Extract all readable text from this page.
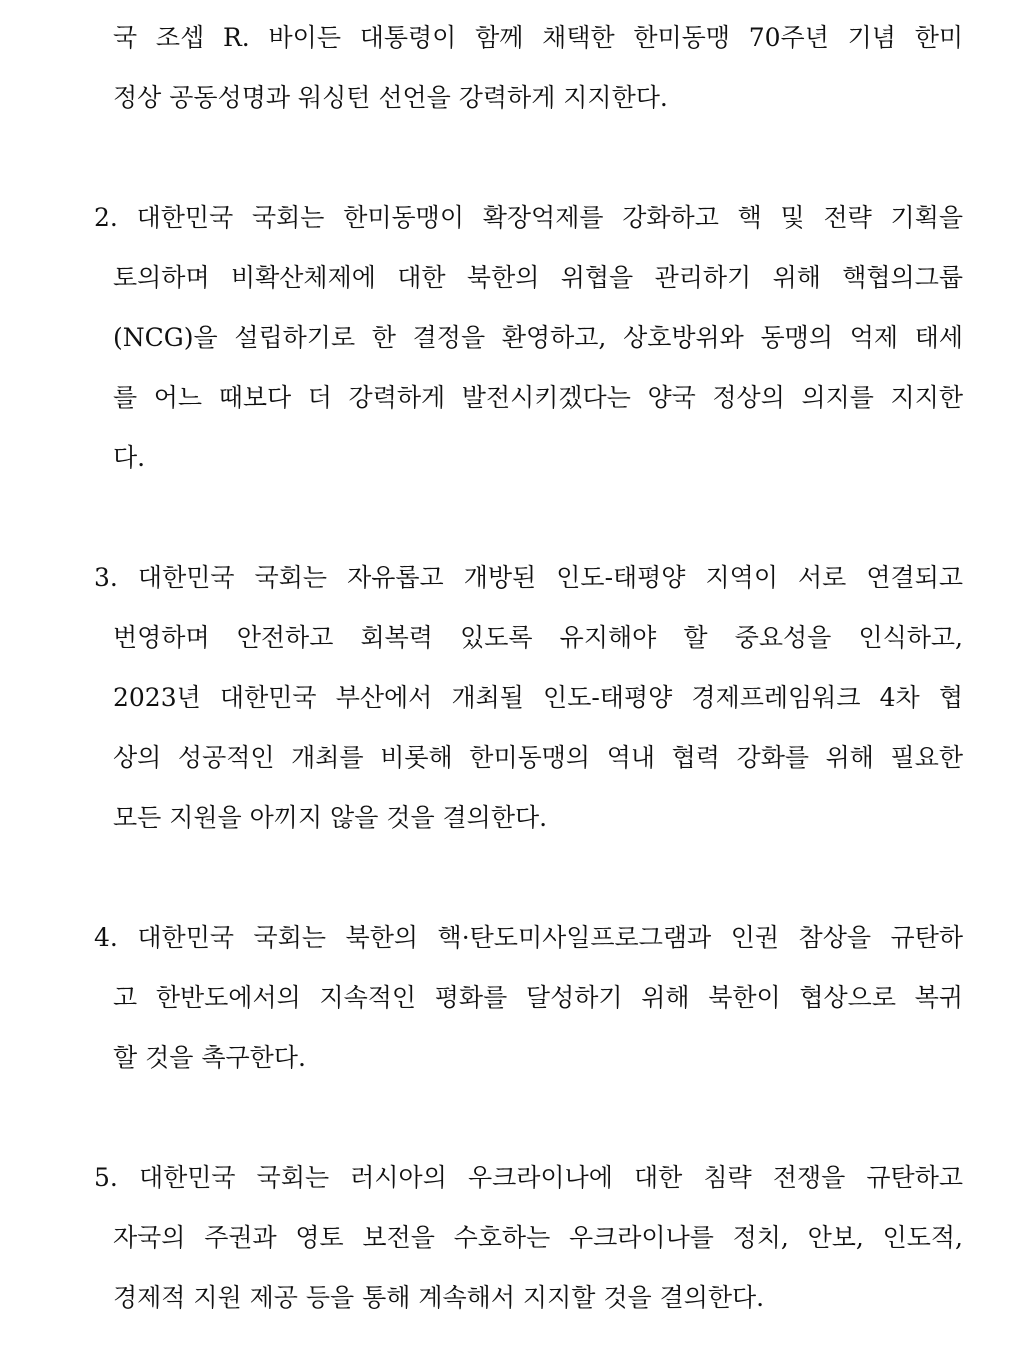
국 조셉 R. 바이든 대통령이 함께 채택한 한미동맹 70주년 기념 한미
정상 공동성명과 워싱턴 선언을 강력하게 지지한다.
2. 대한민국 국회는 한미동맹이 확장억제를 강화하고 핵 및 전략 기획을
토의하며 비확산체제에 대한 북한의 위협을 관리하기 위해 핵협의그룹
(NCG)을 설립하기로 한 결정을 환영하고, 상호방위와 동맹의 억제 태세
를 어느 때보다 더 강력하게 발전시키겠다는 양국 정상의 의지를 지지한
다.
3. 대한민국 국회는 자유롭고 개방된 인도-태평양 지역이 서로 연결되고
번영하며 안전하고 회복력 있도록 유지해야 할 중요성을 인식하고,
2023년 대한민국 부산에서 개최될 인도-태평양 경제프레임워크 4차 협
상의 성공적인 개최를 비롯해 한미동맹의 역내 협력 강화를 위해 필요한
모든 지원을 아끼지 않을 것을 결의한다.
4. 대한민국 국회는 북한의 핵·탄도미사일프로그램과 인권 참상을 규탄하
고 한반도에서의 지속적인 평화를 달성하기 위해 북한이 협상으로 복귀
할 것을 촉구한다.
5. 대한민국 국회는 러시아의 우크라이나에 대한 침략 전쟁을 규탄하고
자국의 주권과 영토 보전을 수호하는 우크라이나를 정치, 안보, 인도적,
경제적 지원 제공 등을 통해 계속해서 지지할 것을 결의한다.
